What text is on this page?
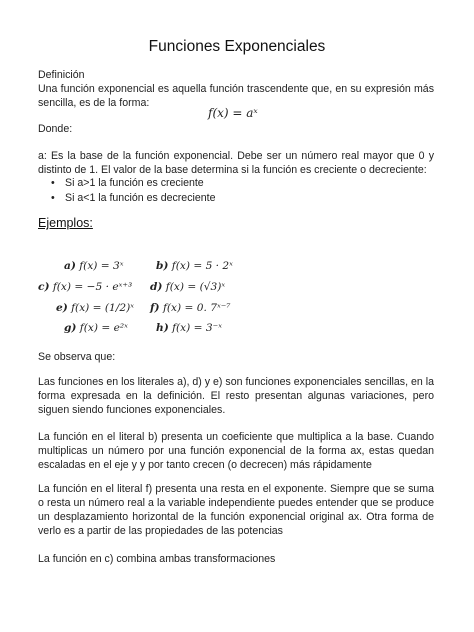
Funciones Exponenciales
Definición
Una función exponencial es aquella función trascendente que, en su expresión más sencilla, es de la forma:
f(x) = aˣ
Donde:
a: Es la base de la función exponencial. Debe ser un número real mayor que 0 y distinto de 1. El valor de la base determina si la función es creciente o decreciente:
• Si a>1 la función es creciente
• Si a<1 la función es decreciente
Ejemplos:
a) f(x) = 3ˣ	b) f(x) = 5 · 2ˣ
c) f(x) = −5 · eˣ⁺³ d) f(x) = (√3)ˣ
e) f(x) = (1/2)ˣ f) f(x) = 0. 7ˣ⁻⁷
g) f(x) = e²ˣ	h) f(x) = 3⁻ˣ
Se observa que:
Las funciones en los literales a), d) y e) son funciones exponenciales sencillas, en la forma expresada en la definición. El resto presentan algunas variaciones, pero siguen siendo funciones exponenciales.
La función en el literal b) presenta un coeficiente que multiplica a la base. Cuando multiplicas un número por una función exponencial de la forma ax, estas quedan escaladas en el eje y y por tanto crecen (o decrecen) más rápidamente
La función en el literal f) presenta una resta en el exponente. Siempre que se suma o resta un número real a la variable independiente puedes entender que se produce un desplazamiento horizontal de la función exponencial original ax. Otra forma de verlo es a partir de las propiedades de las potencias
La función en c) combina ambas transformaciones
